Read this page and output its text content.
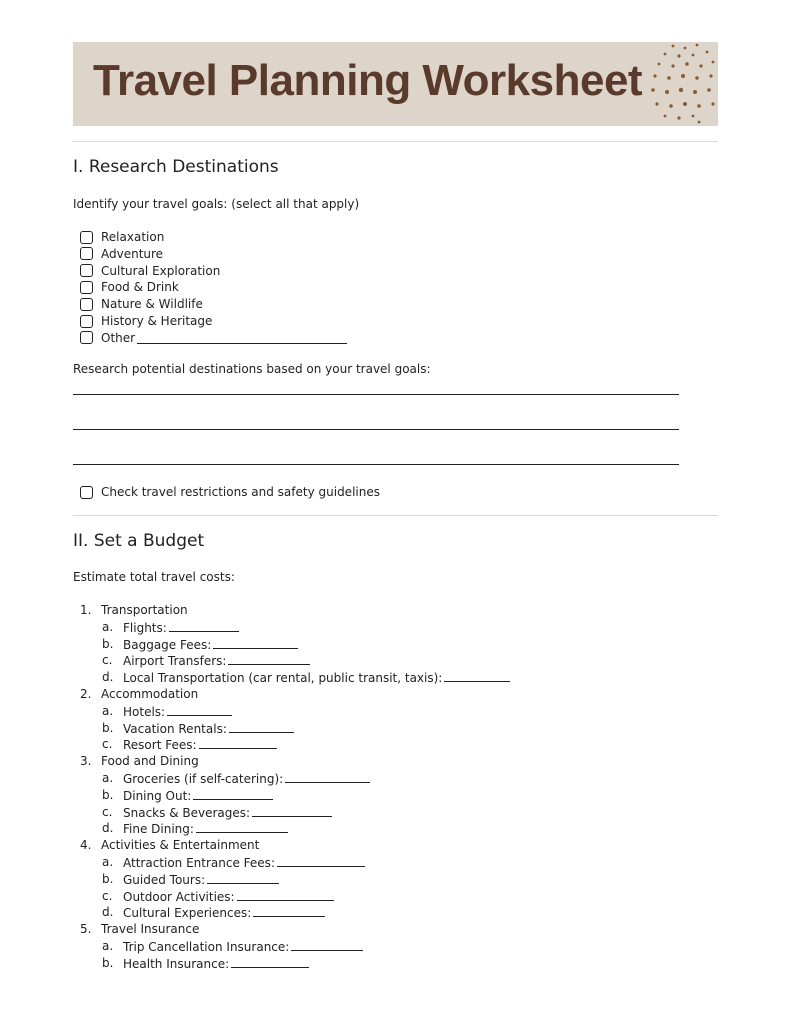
Travel Planning Worksheet
I. Research Destinations
Identify your travel goals: (select all that apply)
Relaxation
Adventure
Cultural Exploration
Food & Drink
Nature & Wildlife
History & Heritage
Other
Research potential destinations based on your travel goals:
Check travel restrictions and safety guidelines
II. Set a Budget
Estimate total travel costs:
1. Transportation
a. Flights:
b. Baggage Fees:
c. Airport Transfers:
d. Local Transportation (car rental, public transit, taxis):
2. Accommodation
a. Hotels:
b. Vacation Rentals:
c. Resort Fees:
3. Food and Dining
a. Groceries (if self-catering):
b. Dining Out:
c. Snacks & Beverages:
d. Fine Dining:
4. Activities & Entertainment
a. Attraction Entrance Fees:
b. Guided Tours:
c. Outdoor Activities:
d. Cultural Experiences:
5. Travel Insurance
a. Trip Cancellation Insurance:
b. Health Insurance:
